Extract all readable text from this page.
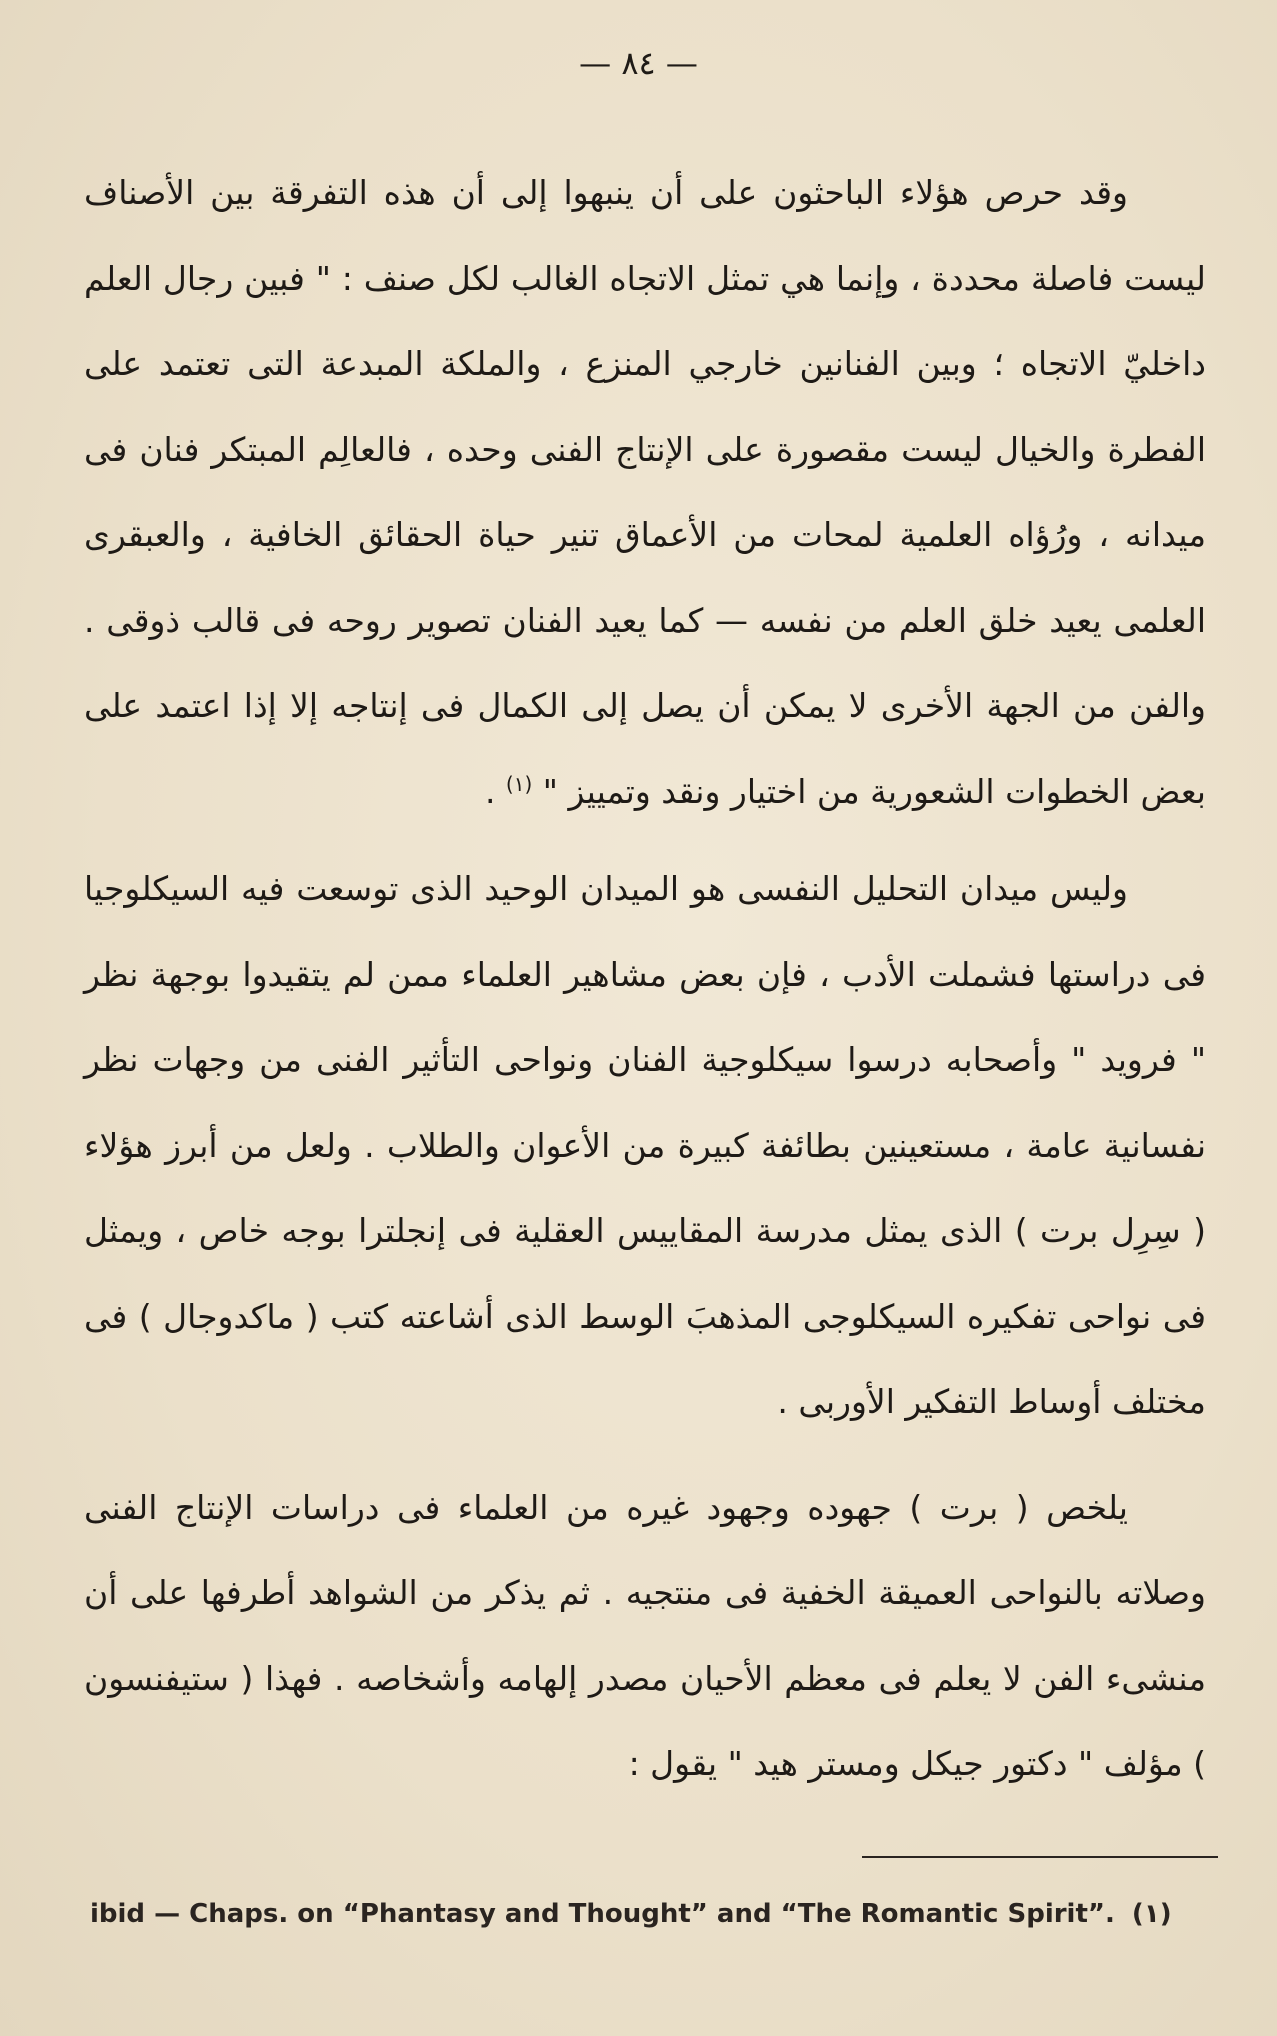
— ٨٤ —

وقد حرص هؤلاء الباحثون على أن ينبهوا إلى أن هذه التفرقة بين الأصناف ليست فاصلة محددة ، وإنما هي تمثل الاتجاه الغالب لكل صنف : " فبين رجال العلم داخليّ الاتجاه ؛ وبين الفنانين خارجي المنزع ، والملكة المبدعة التى تعتمد على الفطرة والخيال ليست مقصورة على الإنتاج الفنى وحده ، فالعالِم المبتكر فنان فى ميدانه ، ورُؤاه العلمية لمحات من الأعماق تنير حياة الحقائق الخافية ، والعبقرى العلمى يعيد خلق العلم من نفسه — كما يعيد الفنان تصوير روحه فى قالب ذوقى . والفن من الجهة الأخرى لا يمكن أن يصل إلى الكمال فى إنتاجه إلا إذا اعتمد على بعض الخطوات الشعورية من اختيار ونقد وتمييز " $^{(١)}$ .

وليس ميدان التحليل النفسى هو الميدان الوحيد الذى توسعت فيه السيكلوجيا فى دراستها فشملت الأدب ، فإن بعض مشاهير العلماء ممن لم يتقيدوا بوجهة نظر " فرويد " وأصحابه درسوا سيكلوجية الفنان ونواحى التأثير الفنى من وجهات نظر نفسانية عامة ، مستعينين بطائفة كبيرة من الأعوان والطلاب . ولعل من أبرز هؤلاء ( سِرِل برت ) الذى يمثل مدرسة المقاييس العقلية فى إنجلترا بوجه خاص ، ويمثل فى نواحى تفكيره السيكلوجى المذهبَ الوسط الذى أشاعته كتب ( ماكدوجال ) فى مختلف أوساط التفكير الأوربى .

يلخص ( برت ) جهوده وجهود غيره من العلماء فى دراسات الإنتاج الفنى وصلاته بالنواحى العميقة الخفية فى منتجيه . ثم يذكر من الشواهد أطرفها على أن منشىء الفن لا يعلم فى معظم الأحيان مصدر إلهامه وأشخاصه . فهذا ( ستيفنسون ) مؤلف " دكتور جيكل ومستر هيد " يقول :

ibid — Chaps. on “Phantasy and Thought” and “The Romantic Spirit”. (١)
